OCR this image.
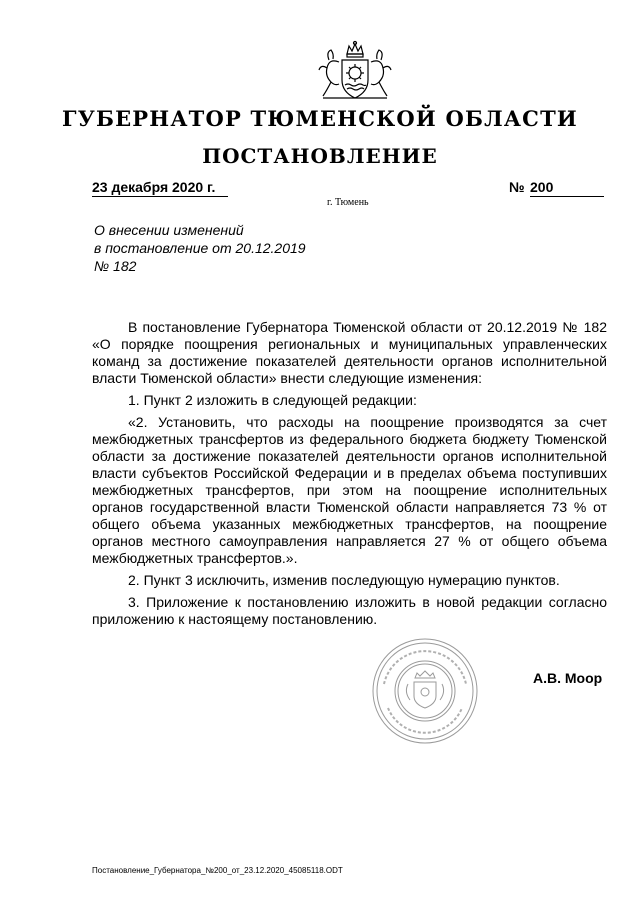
ГУБЕРНАТОР ТЮМЕНСКОЙ ОБЛАСТИ
ПОСТАНОВЛЕНИЕ
23 декабря 2020 г.	№ 200
г. Тюмень
О внесении изменений
в постановление от 20.12.2019
№ 182
В постановление Губернатора Тюменской области от 20.12.2019 № 182
«О порядке поощрения региональных и муниципальных управленческих
команд за достижение показателей деятельности органов исполнительной
власти Тюменской области» внести следующие изменения:
1. Пункт 2 изложить в следующей редакции:
«2. Установить, что расходы на поощрение производятся за счет
межбюджетных трансфертов из федерального бюджета бюджету Тюменской
области за достижение показателей деятельности органов исполнительной
власти субъектов Российской Федерации и в пределах объема поступивших
межбюджетных трансфертов, при этом на поощрение исполнительных
органов государственной власти Тюменской области направляется 73 % от
общего объема указанных межбюджетных трансфертов, на поощрение
органов местного самоуправления направляется 27 % от общего объема
межбюджетных трансфертов.».
2. Пункт 3 исключить, изменив последующую нумерацию пунктов.
3. Приложение к постановлению изложить в новой редакции согласно
приложению к настоящему постановлению.
А.В. Моор
Постановление_Губернатора_№200_от_23.12.2020_45085118.ODT
